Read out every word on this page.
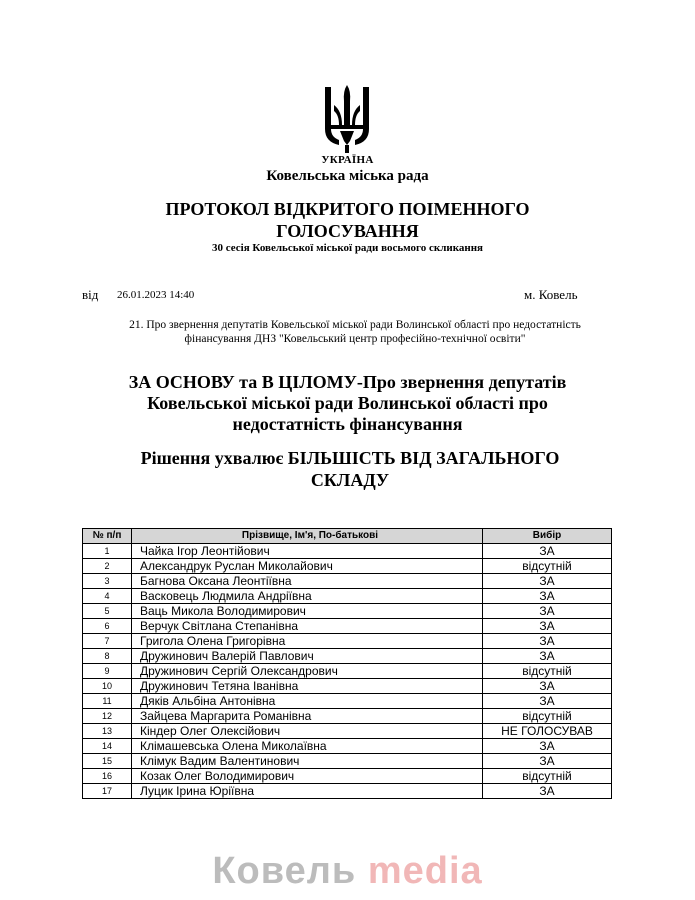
УКРАЇНА
Ковельська міська рада
ПРОТОКОЛ ВІДКРИТОГО ПОІМЕННОГО ГОЛОСУВАННЯ
30 сесія Ковельської міської ради восьмого скликання
від 26.01.2023 14:40	м. Ковель
21. Про звернення депутатів Ковельської міської ради Волинської області про недостатність фінансування ДНЗ "Ковельський центр професійно-технічної освіти"
ЗА ОСНОВУ та В ЦІЛОМУ-Про звернення депутатів Ковельської міської ради Волинської області про недостатність фінансування
Рішення ухвалює БІЛЬШІСТЬ ВІД ЗАГАЛЬНОГО СКЛАДУ
№ п/п	Прізвище, Ім'я, По-батькові	Вибір
1	Чайка Ігор Леонтійович	ЗА
2	Александрук Руслан Миколайович	відсутній
3	Багнова Оксана Леонтіївна	ЗА
4	Васковець Людмила Андріївна	ЗА
5	Ваць Микола Володимирович	ЗА
6	Верчук Світлана Степанівна	ЗА
7	Григола Олена Григорівна	ЗА
8	Дружинович Валерій Павлович	ЗА
9	Дружинович Сергій Олександрович	відсутній
10	Дружинович Тетяна Іванівна	ЗА
11	Дяків Альбіна Антонівна	ЗА
12	Зайцева Маргарита Романівна	відсутній
13	Кіндер Олег Олексійович	НЕ ГОЛОСУВАВ
14	Клімашевська Олена Миколаївна	ЗА
15	Клімук Вадим Валентинович	ЗА
16	Козак Олег Володимирович	відсутній
17	Луцик Ірина Юріївна	ЗА
Ковель media
